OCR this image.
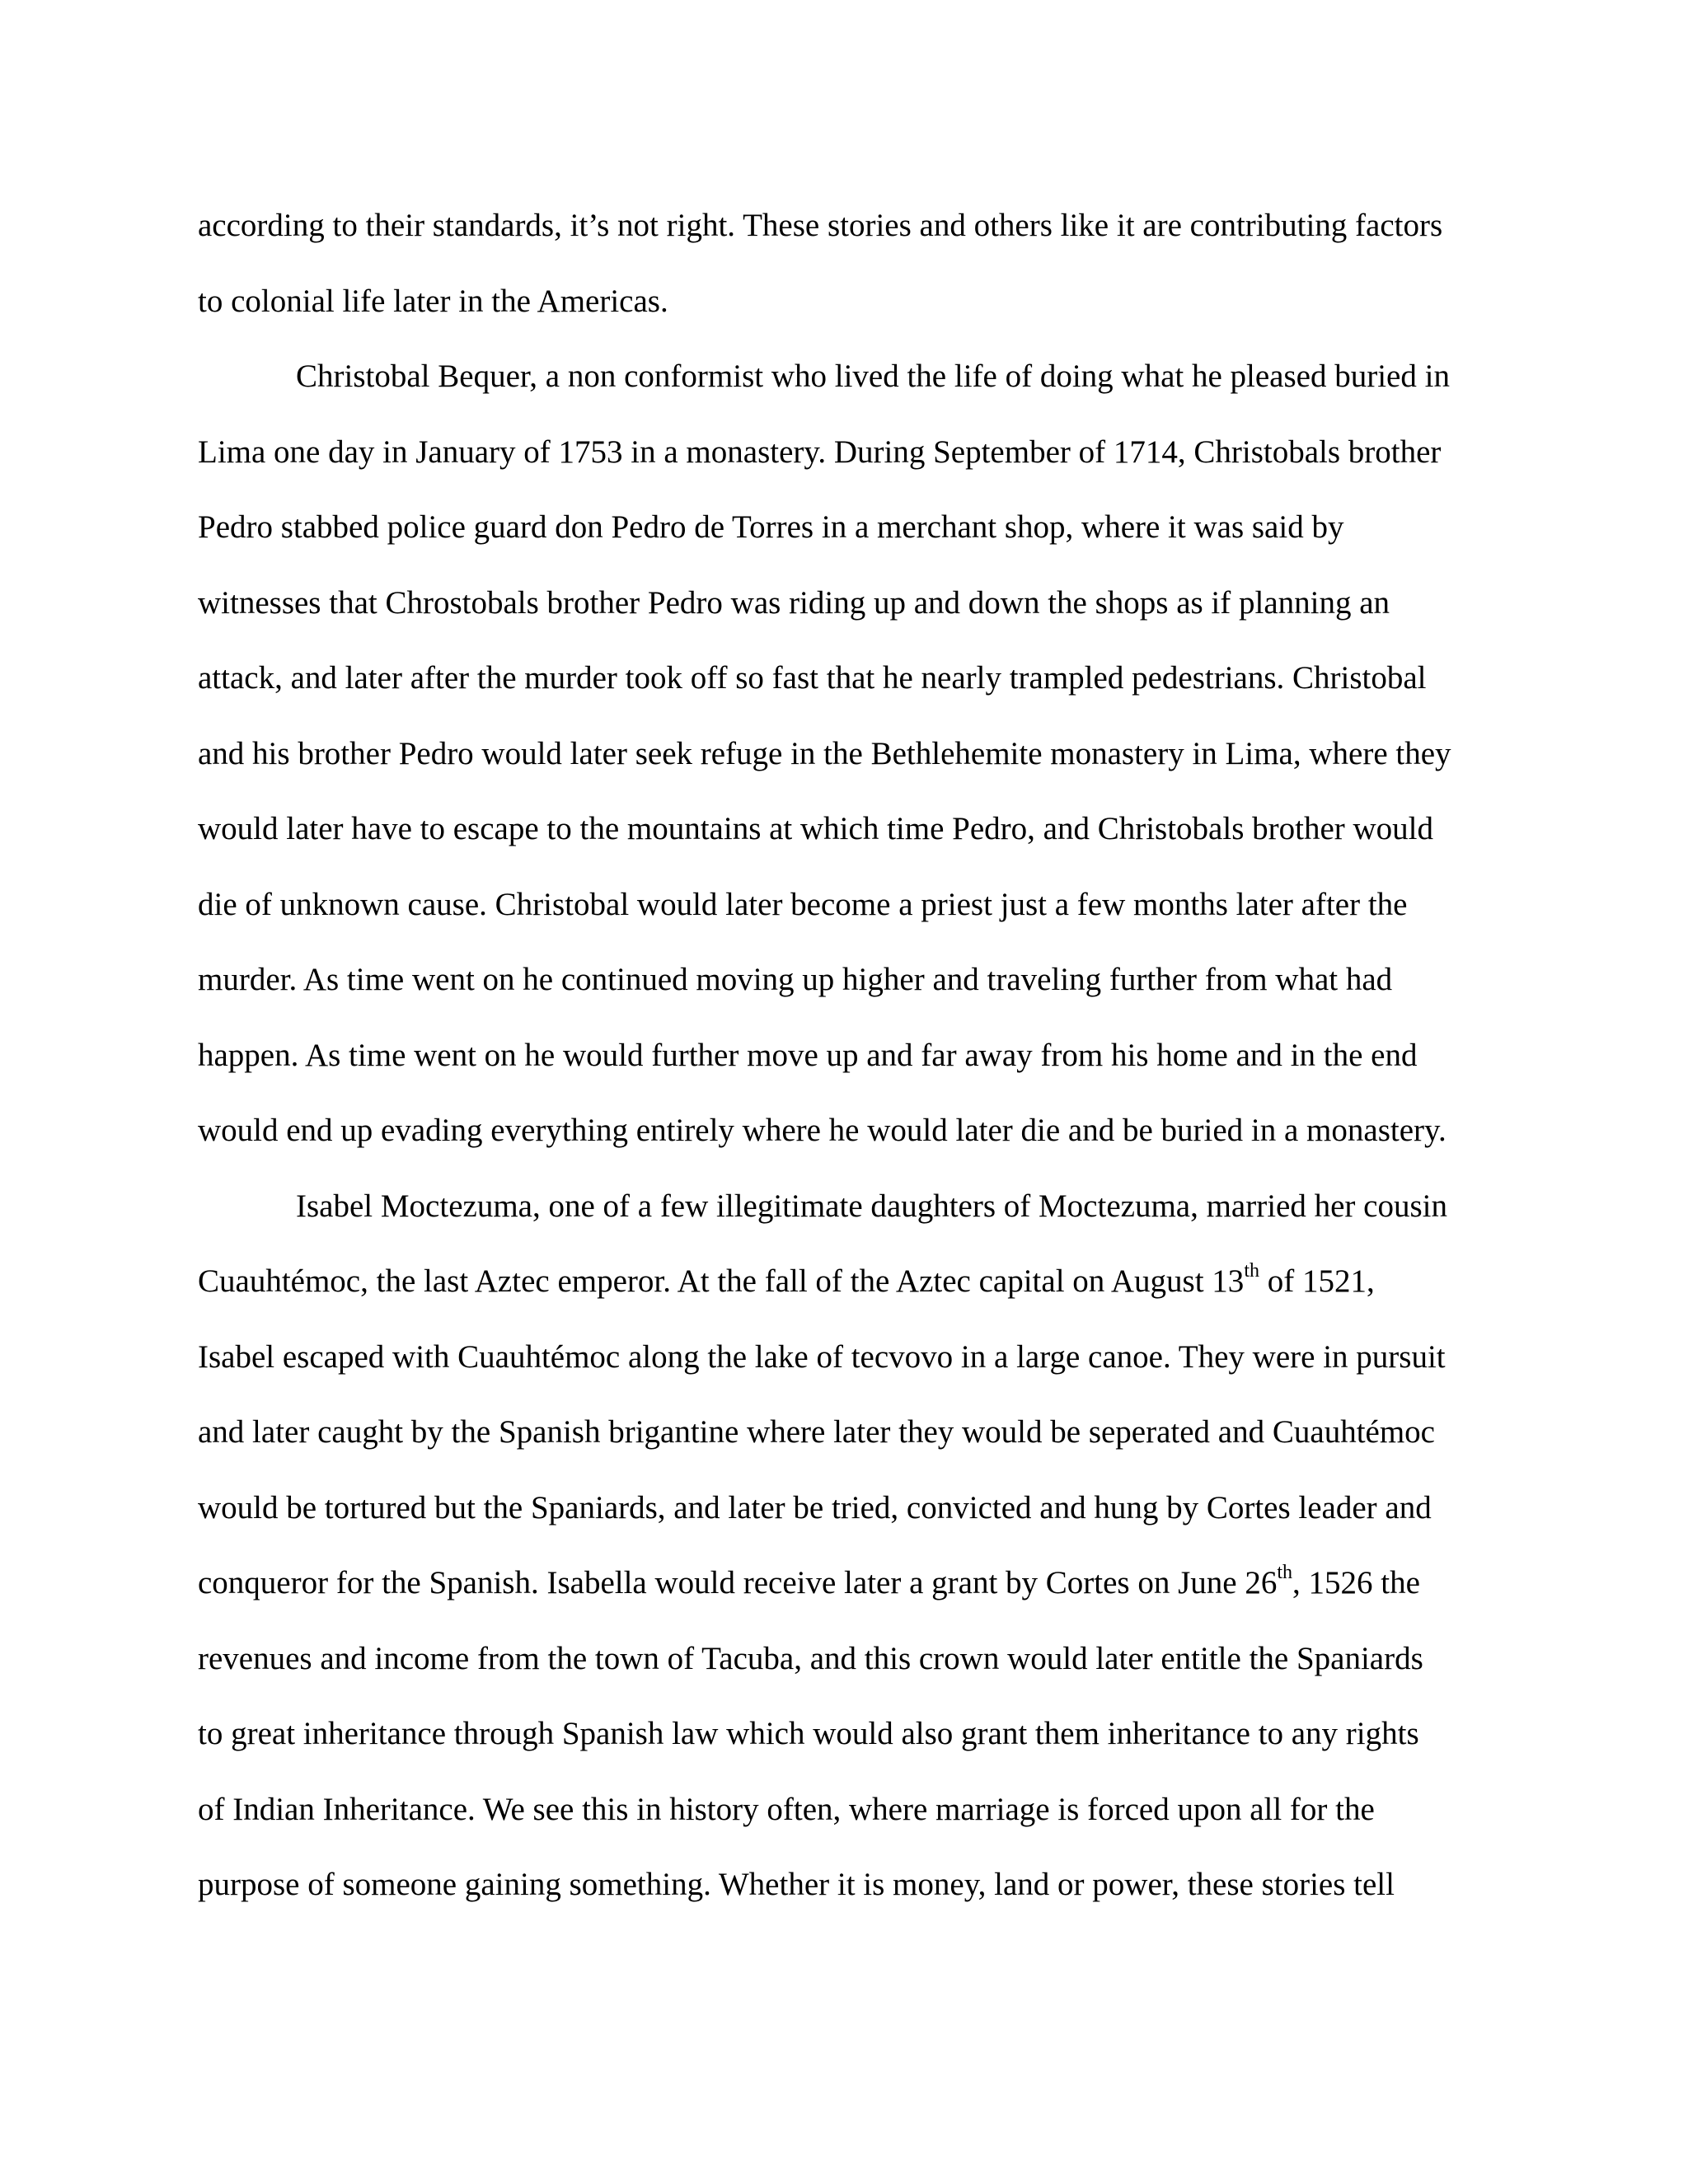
according to their standards, it’s not right. These stories and others like it are contributing factors
to colonial life later in the Americas.
Christobal Bequer, a non conformist who lived the life of doing what he pleased buried in
Lima one day in January of 1753 in a monastery. During September of 1714, Christobals brother
Pedro stabbed police guard don Pedro de Torres in a merchant shop, where it was said by
witnesses that Chrostobals brother Pedro was riding up and down the shops as if planning an
attack, and later after the murder took off so fast that he nearly trampled pedestrians. Christobal
and his brother Pedro would later seek refuge in the Bethlehemite monastery in Lima, where they
would later have to escape to the mountains at which time Pedro, and Christobals brother would
die of unknown cause. Christobal would later become a priest just a few months later after the
murder. As time went on he continued moving up higher and traveling further from what had
happen. As time went on he would further move up and far away from his home and in the end
would end up evading everything entirely where he would later die and be buried in a monastery.
Isabel Moctezuma, one of a few illegitimate daughters of Moctezuma, married her cousin
Cuauhtémoc, the last Aztec emperor. At the fall of the Aztec capital on August 13th of 1521,
Isabel escaped with Cuauhtémoc along the lake of tecvovo in a large canoe. They were in pursuit
and later caught by the Spanish brigantine where later they would be seperated and Cuauhtémoc
would be tortured but the Spaniards, and later be tried, convicted and hung by Cortes leader and
conqueror for the Spanish. Isabella would receive later a grant by Cortes on June 26th, 1526 the
revenues and income from the town of Tacuba, and this crown would later entitle the Spaniards
to great inheritance through Spanish law which would also grant them inheritance to any rights
of Indian Inheritance. We see this in history often, where marriage is forced upon all for the
purpose of someone gaining something. Whether it is money, land or power, these stories tell
